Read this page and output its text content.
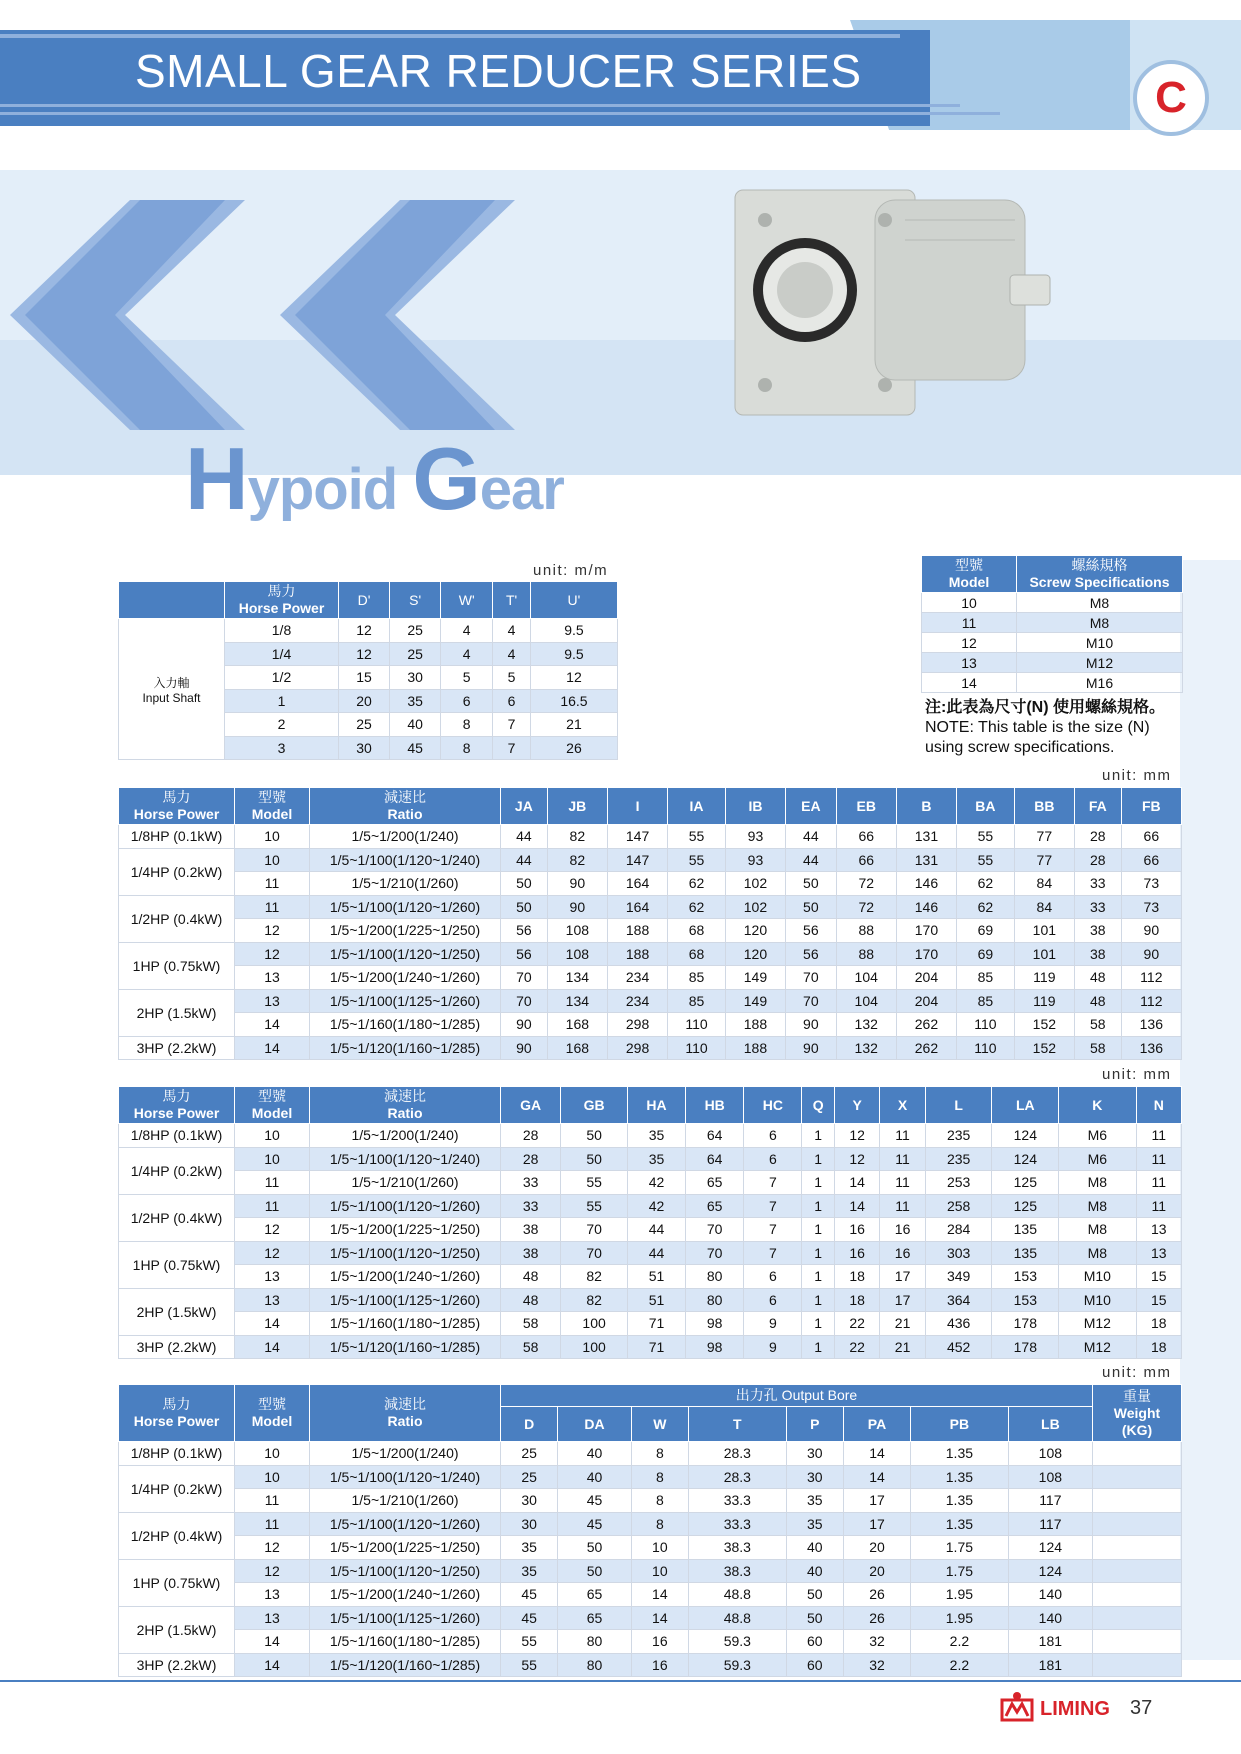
SMALL GEAR REDUCER SERIES
C
Hypoid Gear
unit: m/m
	馬力
Horse Power	D'	S'	W'	T'	U'

入力軸
Input Shaft	1/8	12	25	4	4	9.5
	1/4	12	25	4	4	9.5
	1/2	15	30	5	5	12
	1	20	35	6	6	16.5
	2	25	40	8	7	21
	3	30	45	8	7	26
型號
Model	螺絲規格
Screw Specifications
10	M8
11	M8
12	M10
13	M12
14	M16
注:此表為尺寸(N) 使用螺絲規格。
NOTE: This table is the size (N)
using screw specifications.
unit: mm
馬力
Horse Power	型號
Model	減速比
Ratio	JA	JB	I	IA	IB	EA	EB	B	BA	BB	FA	FB
1/8HP (0.1kW)	10	1/5~1/200(1/240)	44	82	147	55	93	44	66	131	55	77	28	66
1/4HP (0.2kW)	10	1/5~1/100(1/120~1/240)	44	82	147	55	93	44	66	131	55	77	28	66
	11	1/5~1/210(1/260)	50	90	164	62	102	50	72	146	62	84	33	73
1/2HP (0.4kW)	11	1/5~1/100(1/120~1/260)	50	90	164	62	102	50	72	146	62	84	33	73
	12	1/5~1/200(1/225~1/250)	56	108	188	68	120	56	88	170	69	101	38	90
1HP (0.75kW)	12	1/5~1/100(1/120~1/250)	56	108	188	68	120	56	88	170	69	101	38	90
	13	1/5~1/200(1/240~1/260)	70	134	234	85	149	70	104	204	85	119	48	112
2HP (1.5kW)	13	1/5~1/100(1/125~1/260)	70	134	234	85	149	70	104	204	85	119	48	112
	14	1/5~1/160(1/180~1/285)	90	168	298	110	188	90	132	262	110	152	58	136
3HP (2.2kW)	14	1/5~1/120(1/160~1/285)	90	168	298	110	188	90	132	262	110	152	58	136
unit: mm
馬力
Horse Power	型號
Model	減速比
Ratio	GA	GB	HA	HB	HC	Q	Y	X	L	LA	K	N
1/8HP (0.1kW)	10	1/5~1/200(1/240)	28	50	35	64	6	1	12	11	235	124	M6	11
1/4HP (0.2kW)	10	1/5~1/100(1/120~1/240)	28	50	35	64	6	1	12	11	235	124	M6	11
	11	1/5~1/210(1/260)	33	55	42	65	7	1	14	11	253	125	M8	11
1/2HP (0.4kW)	11	1/5~1/100(1/120~1/260)	33	55	42	65	7	1	14	11	258	125	M8	11
	12	1/5~1/200(1/225~1/250)	38	70	44	70	7	1	16	16	284	135	M8	13
1HP (0.75kW)	12	1/5~1/100(1/120~1/250)	38	70	44	70	7	1	16	16	303	135	M8	13
	13	1/5~1/200(1/240~1/260)	48	82	51	80	6	1	18	17	349	153	M10	15
2HP (1.5kW)	13	1/5~1/100(1/125~1/260)	48	82	51	80	6	1	18	17	364	153	M10	15
	14	1/5~1/160(1/180~1/285)	58	100	71	98	9	1	22	21	436	178	M12	18
3HP (2.2kW)	14	1/5~1/120(1/160~1/285)	58	100	71	98	9	1	22	21	452	178	M12	18
unit: mm
馬力
Horse Power	型號
Model	減速比
Ratio	出力孔 Output Bore								重量
Weight
(KG)
			D	DA	W	T	P	PA	PB	LB	
1/8HP (0.1kW)	10	1/5~1/200(1/240)	25	40	8	28.3	30	14	1.35	108	
1/4HP (0.2kW)	10	1/5~1/100(1/120~1/240)	25	40	8	28.3	30	14	1.35	108	
	11	1/5~1/210(1/260)	30	45	8	33.3	35	17	1.35	117	
1/2HP (0.4kW)	11	1/5~1/100(1/120~1/260)	30	45	8	33.3	35	17	1.35	117	
	12	1/5~1/200(1/225~1/250)	35	50	10	38.3	40	20	1.75	124	
1HP (0.75kW)	12	1/5~1/100(1/120~1/250)	35	50	10	38.3	40	20	1.75	124	
	13	1/5~1/200(1/240~1/260)	45	65	14	48.8	50	26	1.95	140	
2HP (1.5kW)	13	1/5~1/100(1/125~1/260)	45	65	14	48.8	50	26	1.95	140	
	14	1/5~1/160(1/180~1/285)	55	80	16	59.3	60	32	2.2	181	
3HP (2.2kW)	14	1/5~1/120(1/160~1/285)	55	80	16	59.3	60	32	2.2	181	
LIMING 37
